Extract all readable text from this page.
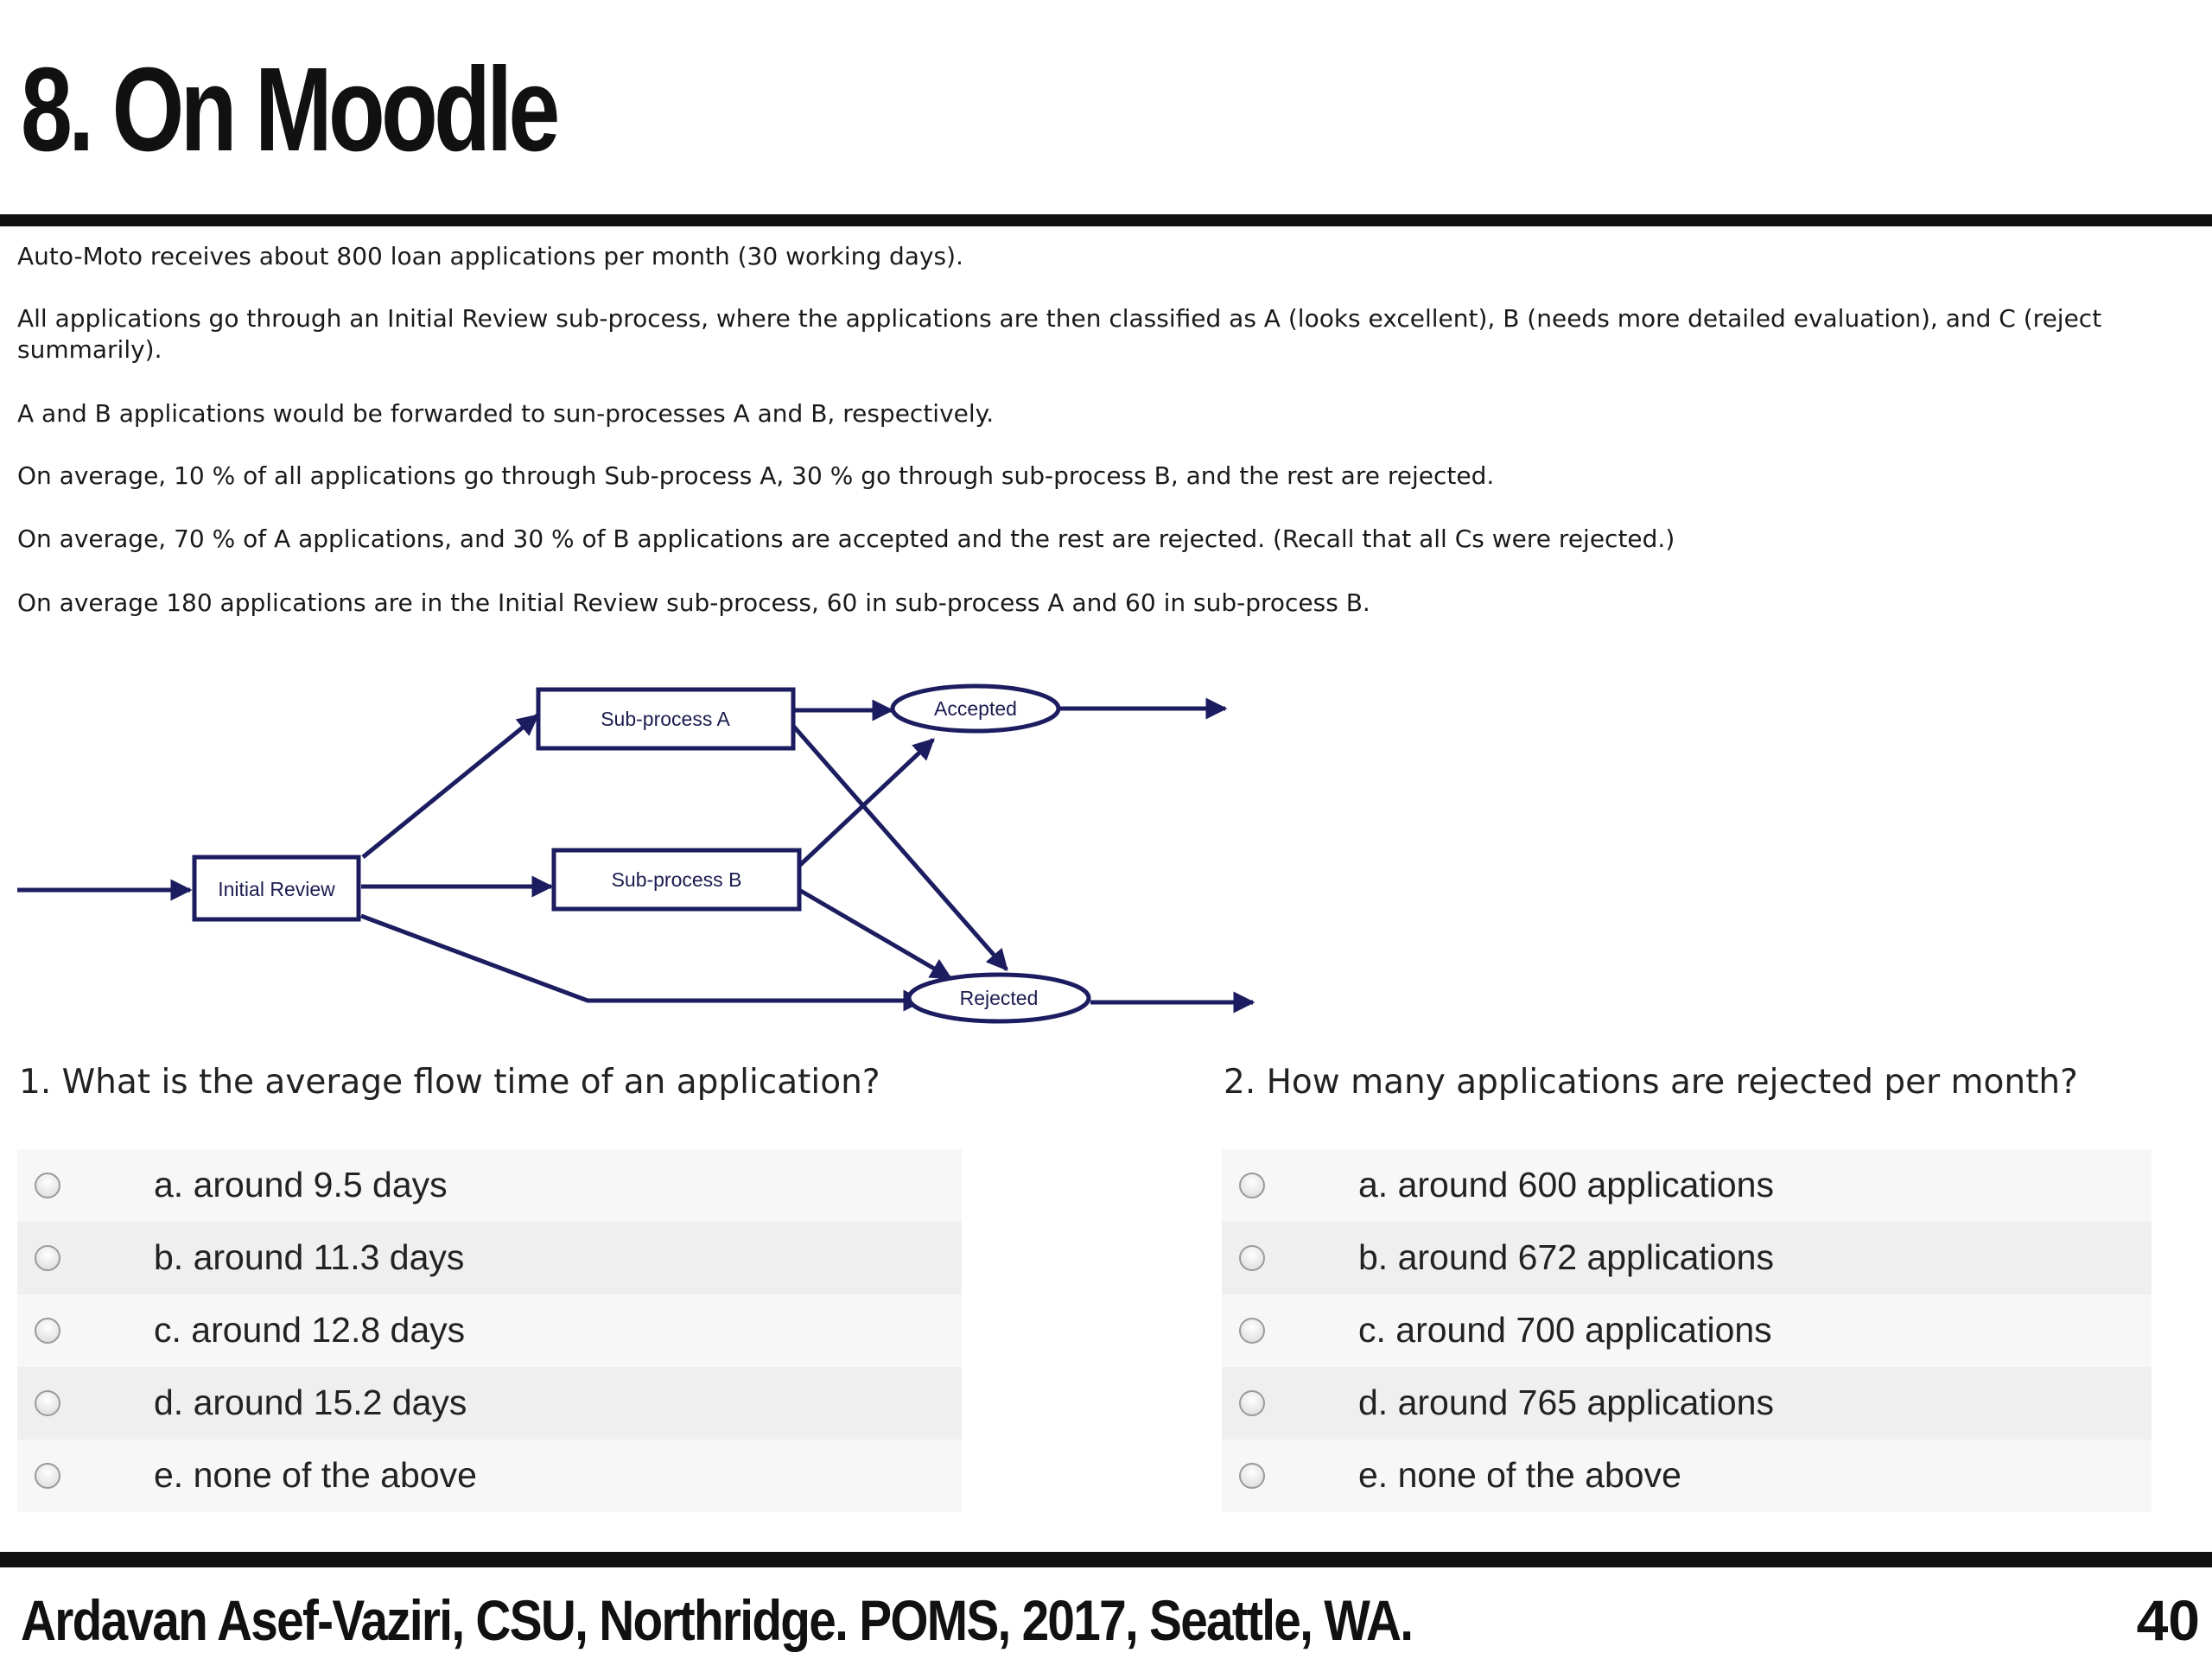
8. On Moodle

Auto-Moto receives about 800 loan applications per month (30 working days).

All applications go through an Initial Review sub-process, where the applications are then classified as A (looks excellent), B (needs more detailed evaluation), and C (reject summarily).

A and B applications would be forwarded to sun-processes A and B, respectively.

On average, 10 % of all applications go through Sub-process A, 30 % go through sub-process B, and the rest are rejected.

On average, 70 % of A applications, and 30 % of B applications are accepted and the rest are rejected. (Recall that all Cs were rejected.)

On average 180 applications are in the Initial Review sub-process, 60 in sub-process A and 60 in sub-process B.

Initial Review
Sub-process A
Sub-process B
Accepted
Rejected

1. What is the average flow time of an application?

a. around 9.5 days
b. around 11.3 days
c. around 12.8 days
d. around 15.2 days
e. none of the above

2. How many applications are rejected per month?

a. around 600 applications
b. around 672 applications
c. around 700 applications
d. around 765 applications
e. none of the above
Ardavan Asef-Vaziri, CSU, Northridge. POMS, 2017, Seattle, WA.	40
